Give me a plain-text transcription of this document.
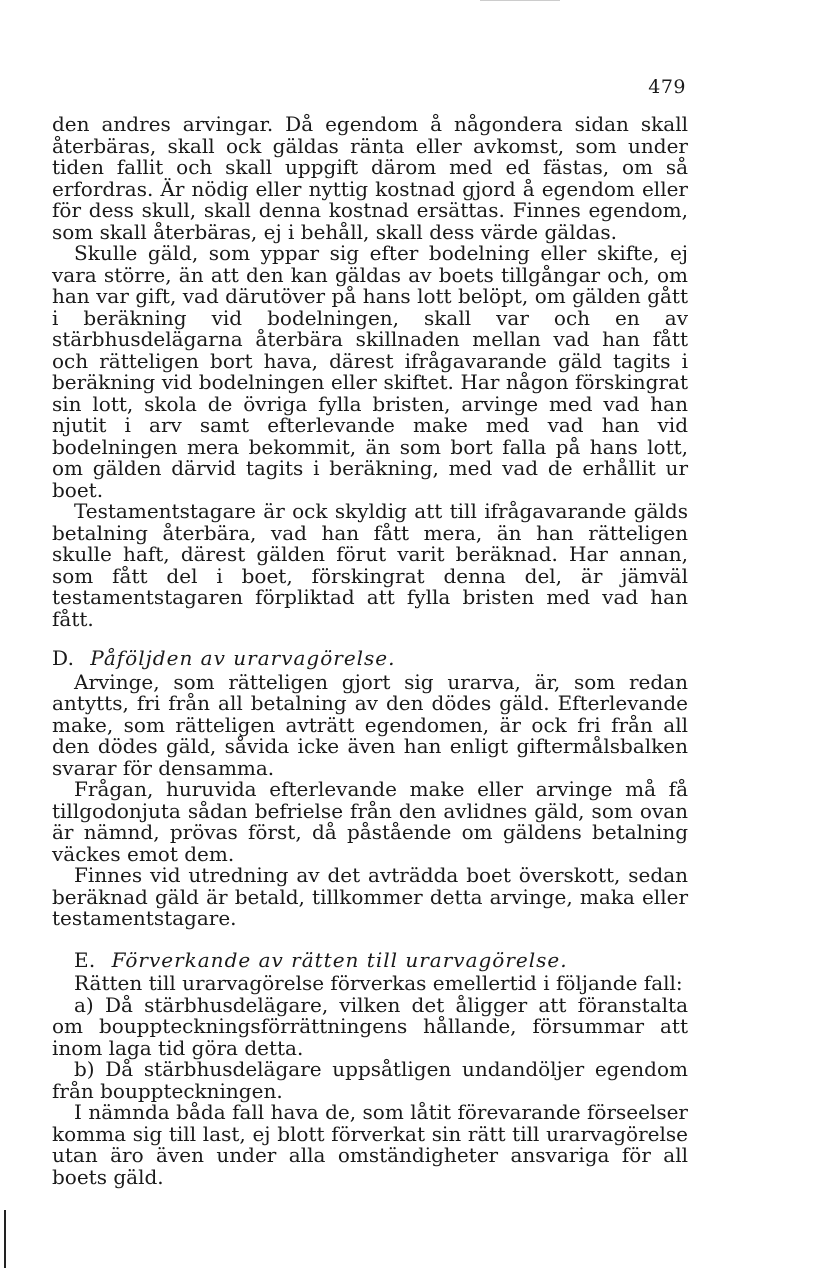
479

den andres arvingar. Då egendom å någondera sidan skall återbäras, skall ock gäldas ränta eller avkomst, som under tiden fallit och skall uppgift därom med ed fästas, om så erfordras. Är nödig eller nyttig kostnad gjord å egendom eller för dess skull, skall denna kostnad ersättas. Finnes egendom, som skall återbäras, ej i behåll, skall dess värde gäldas.

Skulle gäld, som yppar sig efter bodelning eller skifte, ej vara större, än att den kan gäldas av boets tillgångar och, om han var gift, vad därutöver på hans lott belöpt, om gälden gått i beräkning vid bodelningen, skall var och en av stärbhusdelägarna återbära skillnaden mellan vad han fått och rätteligen bort hava, därest ifrågavarande gäld tagits i beräkning vid bodelningen eller skiftet. Har någon förskingrat sin lott, skola de övriga fylla bristen, arvinge med vad han njutit i arv samt efterlevande make med vad han vid bodelningen mera bekommit, än som bort falla på hans lott, om gälden därvid tagits i beräkning, med vad de erhållit ur boet.

Testamentstagare är ock skyldig att till ifrågavarande gälds betalning återbära, vad han fått mera, än han rätteligen skulle haft, därest gälden förut varit beräknad. Har annan, som fått del i boet, förskingrat denna del, är jämväl testamentstagaren förpliktad att fylla bristen med vad han fått.

D. Påföljden av urarvagörelse.

Arvinge, som rätteligen gjort sig urarva, är, som redan antytts, fri från all betalning av den dödes gäld. Efterlevande make, som rätteligen avträtt egendomen, är ock fri från all den dödes gäld, såvida icke även han enligt giftermålsbalken svarar för densamma.

Frågan, huruvida efterlevande make eller arvinge må få tillgodonjuta sådan befrielse från den avlidnes gäld, som ovan är nämnd, prövas först, då påstående om gäldens betalning väckes emot dem.

Finnes vid utredning av det avträdda boet överskott, sedan beräknad gäld är betald, tillkommer detta arvinge, maka eller testamentstagare.

E. Förverkande av rätten till urarvagörelse.

Rätten till urarvagörelse förverkas emellertid i följande fall:

a) Då stärbhusdelägare, vilken det åligger att föranstalta om bouppteckningsförrättningens hållande, försummar att inom laga tid göra detta.

b) Då stärbhusdelägare uppsåtligen undandöljer egendom från bouppteckningen.

I nämnda båda fall hava de, som låtit förevarande förseelser komma sig till last, ej blott förverkat sin rätt till urarvagörelse utan äro även under alla omständigheter ansvariga för all boets gäld.
